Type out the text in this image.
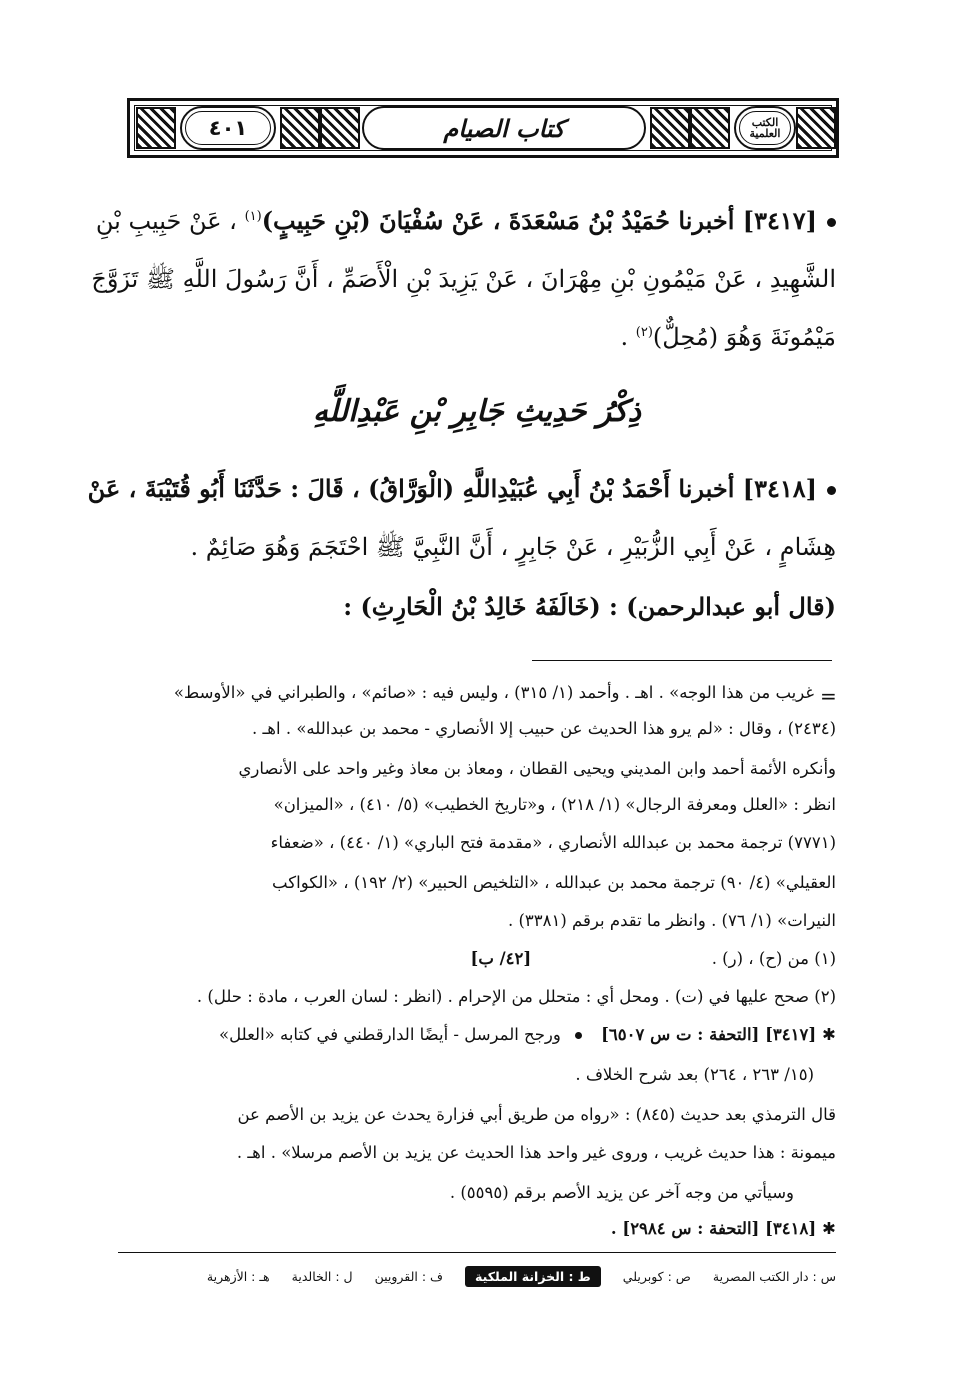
٤٠١	كتاب الصيام	الكتب العلمية
[٣٤١٧] أخبرنا حُمَيْدُ بْنُ مَسْعَدَةَ ، عَنْ سُفْيَانَ (بْنِ حَبِيبٍ)$^{(١)}$ ، عَنْ حَبِيبِ بْنِ
الشَّهِيدِ ، عَنْ مَيْمُونِ بْنِ مِهْرَانَ ، عَنْ يَزِيدَ بْنِ الْأَصَمِّ ، أَنَّ رَسُولَ اللَّهِ ﷺ تَزَوَّجَ
مَيْمُونَةَ وَهُوَ (مُحِلٌّ)$^{(٢)}$ .
ذِكْرُ حَدِيثِ جَابِرِ بْنِ عَبْدِاللَّهِ
[٣٤١٨] أخبرنا أَحْمَدُ بْنُ أَبِي عُبَيْدِاللَّهِ (الْوَرَّاقُ) ، قَالَ : حَدَّثَنَا أَبُو قُتَيْبَةَ ، عَنْ
هِشَامٍ ، عَنْ أَبِي الزُّبَيْرِ ، عَنْ جَابِرٍ ، أَنَّ النَّبِيَّ ﷺ احْتَجَمَ وَهُوَ صَائِمٌ .
(قال أبو عبدالرحمن) : (خَالَفَهُ خَالِدُ بْنُ الْحَارِثِ) :
=
غريب من هذا الوجه» . اهـ . وأحمد (١/ ٣١٥) ، وليس فيه : «صائم» ، والطبراني في «الأوسط»
(٢٤٣٤) ، وقال : «لم يرو هذا الحديث عن حبيب إلا الأنصاري - محمد بن عبدالله» . اهـ .
وأنكره الأئمة أحمد وابن المديني ويحيى القطان ، ومعاذ بن معاذ وغير واحد على الأنصاري
انظر : «العلل ومعرفة الرجال» (١/ ٢١٨) ، و«تاريخ الخطيب» (٥/ ٤١٠) ، «الميزان»
(٧٧٧١) ترجمة محمد بن عبدالله الأنصاري ، «مقدمة فتح الباري» (١/ ٤٤٠) ، «ضعفاء
العقيلي» (٤/ ٩٠) ترجمة محمد بن عبدالله ، «التلخيص الحبير» (٢/ ١٩٢) ، «الكواكب
النيرات» (١/ ٧٦) . وانظر ما تقدم برقم (٣٣٨١) .
(١) من (ح) ، (ر) .  [٤٢/ ب]
(٢) صحح عليها في (ت) . ومحل أي : متحلل من الإحرام . (انظر : لسان العرب ، مادة : حلل) .
✱[٣٤١٧] [التحفة : ت س ٦٥٠٧] ورجح المرسل - أيضًا الدارقطني في كتابه «العلل»
(١٥/ ٢٦٣ ، ٢٦٤) بعد شرح الخلاف .
قال الترمذي بعد حديث (٨٤٥) : «رواه من طريق أبي فزارة يحدث عن يزيد بن الأصم عن
ميمونة : هذا حديث غريب ، وروى غير واحد هذا الحديث عن يزيد بن الأصم مرسلا» . اهـ .
وسيأتي من وجه آخر عن يزيد الأصم برقم (٥٥٩٥) .
✱[٣٤١٨] [التحفة : س ٢٩٨٤] .
س : دار الكتب المصرية
ص : كوبريلي
ط : الخزانة الملكية
ف : القرويين
ل : الخالدية
هـ : الأزهرية
